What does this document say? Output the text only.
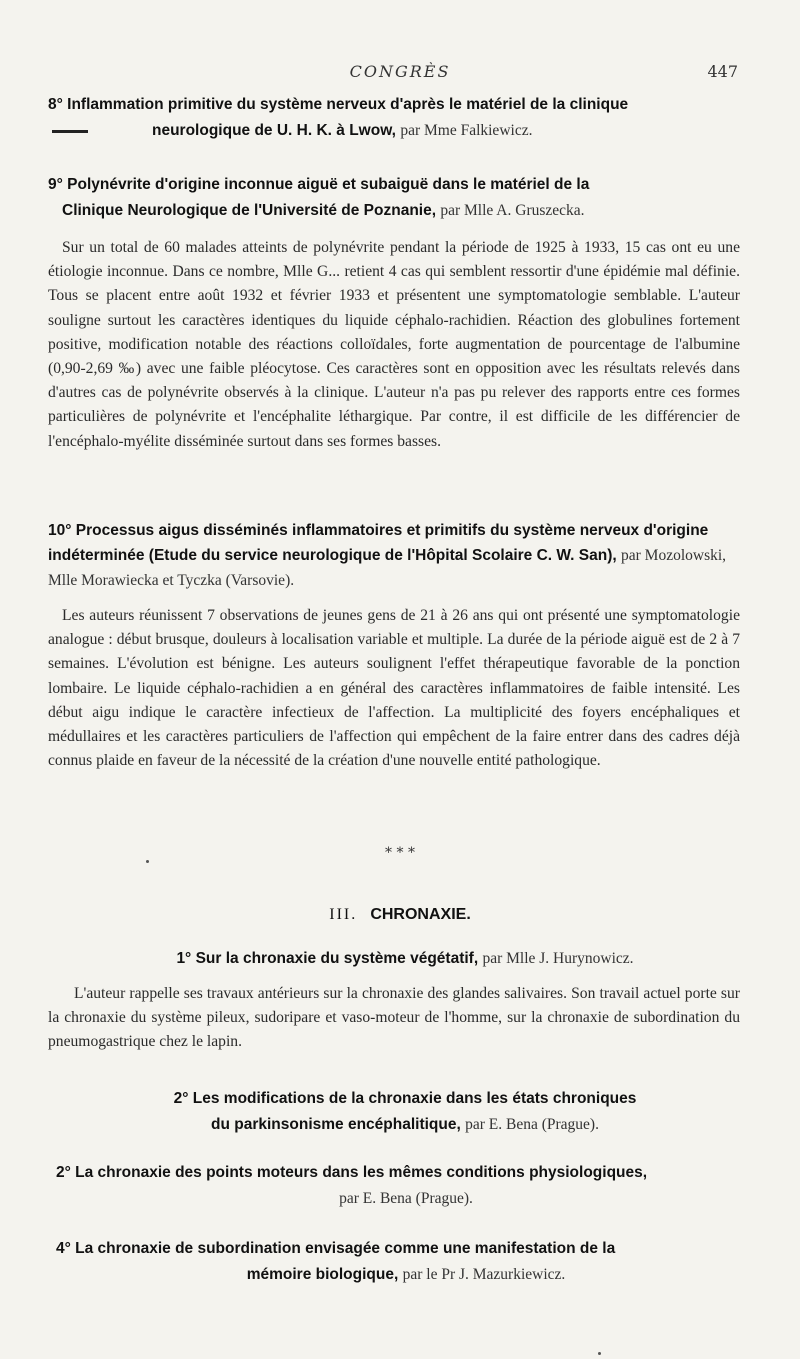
CONGRÈS	447
8° Inflammation primitive du système nerveux d'après le matériel de la clinique
neurologique de U. H. K. à Lwow, par Mme Falkiewicz.
9° Polynévrite d'origine inconnue aiguë et subaiguë dans le matériel de la
Clinique Neurologique de l'Université de Poznanie, par Mlle A. Gruszecka.
Sur un total de 60 malades atteints de polynévrite pendant la période de 1925 à 1933, 15 cas ont eu une étiologie inconnue. Dans ce nombre, Mlle G... retient 4 cas qui semblent ressortir d'une épidémie mal définie. Tous se placent entre août 1932 et février 1933 et présentent une symptomatologie semblable. L'auteur souligne surtout les caractères identiques du liquide céphalo-rachidien. Réaction des globulines fortement positive, modification notable des réactions colloïdales, forte augmentation de pourcentage de l'albumine (0,90-2,69 ‰) avec une faible pléocytose. Ces caractères sont en opposition avec les résultats relevés dans d'autres cas de polynévrite observés à la clinique. L'auteur n'a pas pu relever des rapports entre ces formes particulières de polynévrite et l'encéphalite léthargique. Par contre, il est difficile de les différencier de l'encéphalo-myélite disséminée surtout dans ses formes basses.
10° Processus aigus disséminés inflammatoires et primitifs du système nerveux d'origine indéterminée (Etude du service neurologique de l'Hôpital Scolaire C. W. San), par Mozolowski, Mlle Morawiecka et Tyczka (Varsovie).
Les auteurs réunissent 7 observations de jeunes gens de 21 à 26 ans qui ont présenté une symptomatologie analogue : début brusque, douleurs à localisation variable et multiple. La durée de la période aiguë est de 2 à 7 semaines. L'évolution est bénigne. Les auteurs soulignent l'effet thérapeutique favorable de la ponction lombaire. Le liquide céphalo-rachidien a en général des caractères inflammatoires de faible intensité. Les début aigu indique le caractère infectieux de l'affection. La multiplicité des foyers encéphaliques et médullaires et les caractères particuliers de l'affection qui empêchent de la faire entrer dans des cadres déjà connus plaide en faveur de la nécessité de la création d'une nouvelle entité pathologique.
* * *
III. CHRONAXIE.
1° Sur la chronaxie du système végétatif, par Mlle J. Hurynowicz.
L'auteur rappelle ses travaux antérieurs sur la chronaxie des glandes salivaires. Son travail actuel porte sur la chronaxie du système pileux, sudoripare et vaso-moteur de l'homme, sur la chronaxie de subordination du pneumogastrique chez le lapin.
2° Les modifications de la chronaxie dans les états chroniques
du parkinsonisme encéphalitique, par E. Bena (Prague).
2° La chronaxie des points moteurs dans les mêmes conditions physiologiques,
par E. Bena (Prague).
4° La chronaxie de subordination envisagée comme une manifestation de la
mémoire biologique, par le Pr J. Mazurkiewicz.
